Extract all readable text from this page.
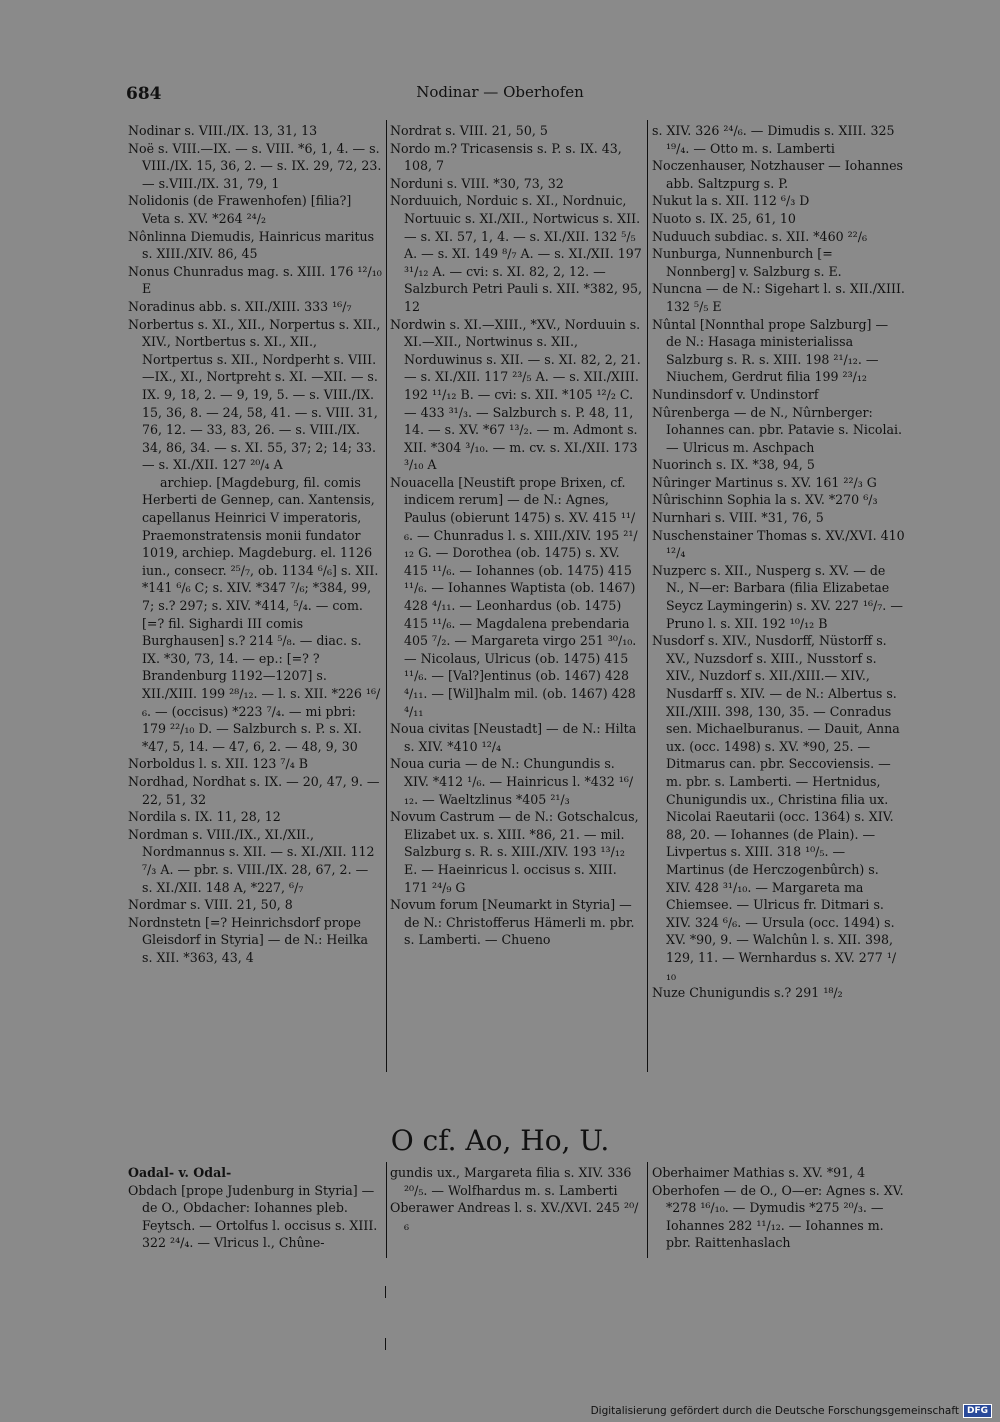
684	Nodinar — Oberhofen

Nodinar s. VIII./IX. 13, 31, 13

Noë s. VIII.—IX. — s. VIII. *6, 1, 4. — s. VIII./IX. 15, 36, 2. — s. IX. 29, 72, 23. — s.VIII./IX. 31, 79, 1

Nolidonis (de Frawenhofen) [filia?] Veta s. XV. *264 ²⁴/₂

Nônlinna Diemudis, Hainricus maritus s. XIII./XIV. 86, 45

Nonus Chunradus mag. s. XIII. 176 ¹²/₁₀ E

Noradinus abb. s. XII./XIII. 333 ¹⁶/₇

Norbertus s. XI., XII., Norpertus s. XII., XIV., Nortbertus s. XI., XII., Nortpertus s. XII., Nordperht s. VIII.—IX., XI., Nortpreht s. XI. —XII. — s. IX. 9, 18, 2. — 9, 19, 5. — s. VIII./IX. 15, 36, 8. — 24, 58, 41. — s. VIII. 31, 76, 12. — 33, 83, 26. — s. VIII./IX. 34, 86, 34. — s. XI. 55, 37; 2; 14; 33. — s. XI./XII. 127 ²⁰/₄ A

archiep. [Magdeburg, fil. comis Herberti de Gennep, can. Xantensis, capellanus Heinrici V imperatoris, Praemonstratensis monii fundator 1019, archiep. Magdeburg. el. 1126 iun., consecr. ²⁵/₇, ob. 1134 ⁶/₆] s. XII. *141 ⁶/₆ C; s. XIV. *347 ⁷/₆; *384, 99, 7; s.? 297; s. XIV. *414, ⁵/₄. — com. [=? fil. Sighardi III comis Burghausen] s.? 214 ⁵/₈. — diac. s. IX. *30, 73, 14. — ep.: [=? ? Brandenburg 1192—1207] s. XII./XIII. 199 ²⁸/₁₂. — l. s. XII. *226 ¹⁶/₆. — (occisus) *223 ⁷/₄. — mi pbri: 179 ²²/₁₀ D. — Salzburch s. P. s. XI. *47, 5, 14. — 47, 6, 2. — 48, 9, 30

Norboldus l. s. XII. 123 ⁷/₄ B

Nordhad, Nordhat s. IX. — 20, 47, 9. — 22, 51, 32

Nordila s. IX. 11, 28, 12

Nordman s. VIII./IX., XI./XII., Nordmannus s. XII. — s. XI./XII. 112 ⁷/₃ A. — pbr. s. VIII./IX. 28, 67, 2. — s. XI./XII. 148 A, *227, ⁶/₇

Nordmar s. VIII. 21, 50, 8

Nordnstetn [=? Heinrichsdorf prope Gleisdorf in Styria] — de N.: Heilka s. XII. *363, 43, 4

Nordrat s. VIII. 21, 50, 5

Nordo m.? Tricasensis s. P. s. IX. 43, 108, 7

Norduni s. VIII. *30, 73, 32

Norduuich, Norduic s. XI., Nordnuic, Nortuuic s. XI./XII., Nortwicus s. XII. — s. XI. 57, 1, 4. — s. XI./XII. 132 ⁵/₅ A. — s. XI. 149 ⁸/₇ A. — s. XI./XII. 197 ³¹/₁₂ A. — cvi: s. XI. 82, 2, 12. — Salzburch Petri Pauli s. XII. *382, 95, 12

Nordwin s. XI.—XIII., *XV., Norduuin s. XI.—XII., Nortwinus s. XII., Norduwinus s. XII. — s. XI. 82, 2, 21. — s. XI./XII. 117 ²³/₅ A. — s. XII./XIII. 192 ¹¹/₁₂ B. — cvi: s. XII. *105 ¹²/₂ C. — 433 ³¹/₃. — Salzburch s. P. 48, 11, 14. — s. XV. *67 ¹³/₂. — m. Admont s. XII. *304 ³/₁₀. — m. cv. s. XI./XII. 173 ³/₁₀ A

Nouacella [Neustift prope Brixen, cf. indicem rerum] — de N.: Agnes, Paulus (obierunt 1475) s. XV. 415 ¹¹/₆. — Chunradus l. s. XIII./XIV. 195 ²¹/₁₂ G. — Dorothea (ob. 1475) s. XV. 415 ¹¹/₆. — Iohannes (ob. 1475) 415 ¹¹/₆. — Iohannes Waptista (ob. 1467) 428 ⁴/₁₁. — Leonhardus (ob. 1475) 415 ¹¹/₆. — Magdalena prebendaria 405 ⁷/₂. — Margareta virgo 251 ³⁰/₁₀. — Nicolaus, Ulricus (ob. 1475) 415 ¹¹/₆. — [Val?]entinus (ob. 1467) 428 ⁴/₁₁. — [Wil]halm mil. (ob. 1467) 428 ⁴/₁₁

Noua civitas [Neustadt] — de N.: Hilta s. XIV. *410 ¹²/₄

Noua curia — de N.: Chungundis s. XIV. *412 ¹/₆. — Hainricus l. *432 ¹⁶/₁₂. — Waeltzlinus *405 ²¹/₃

Novum Castrum — de N.: Gotschalcus, Elizabet ux. s. XIII. *86, 21. — mil. Salzburg s. R. s. XIII./XIV. 193 ¹³/₁₂ E. — Haeinricus l. occisus s. XIII. 171 ²⁴/₉ G

Novum forum [Neumarkt in Styria] — de N.: Christofferus Hämerli m. pbr. s. Lamberti. — Chueno

s. XIV. 326 ²⁴/₆. — Dimudis s. XIII. 325 ¹⁹/₄. — Otto m. s. Lamberti

Noczenhauser, Notzhauser — Iohannes abb. Saltzpurg s. P.

Nukut la s. XII. 112 ⁶/₃ D

Nuoto s. IX. 25, 61, 10

Nuduuch subdiac. s. XII. *460 ²²/₆

Nunburga, Nunnenburch [= Nonnberg] v. Salzburg s. E.

Nuncna — de N.: Sigehart l. s. XII./XIII. 132 ⁵/₅ E

Nûntal [Nonnthal prope Salzburg] — de N.: Hasaga ministerialissa Salzburg s. R. s. XIII. 198 ²¹/₁₂. — Niuchem, Gerdrut filia 199 ²³/₁₂

Nundinsdorf v. Undinstorf

Nûrenberga — de N., Nûrnberger: Iohannes can. pbr. Patavie s. Nicolai. — Ulricus m. Aschpach

Nuorinch s. IX. *38, 94, 5

Nûringer Martinus s. XV. 161 ²²/₃ G

Nûrischinn Sophia la s. XV. *270 ⁶/₃

Nurnhari s. VIII. *31, 76, 5

Nuschenstainer Thomas s. XV./XVI. 410 ¹²/₄

Nuzperc s. XII., Nusperg s. XV. — de N., N—er: Barbara (filia Elizabetae Seycz Laymingerin) s. XV. 227 ¹⁶/₇. — Pruno l. s. XII. 192 ¹⁰/₁₂ B

Nusdorf s. XIV., Nusdorff, Nüstorff s. XV., Nuzsdorf s. XIII., Nusstorf s. XIV., Nuzdorf s. XII./XIII.— XIV., Nusdarff s. XIV. — de N.: Albertus s. XII./XIII. 398, 130, 35. — Conradus sen. Michaelburanus. — Dauit, Anna ux. (occ. 1498) s. XV. *90, 25. — Ditmarus can. pbr. Seccoviensis. — m. pbr. s. Lamberti. — Hertnidus, Chunigundis ux., Christina filia ux. Nicolai Raeutarii (occ. 1364) s. XIV. 88, 20. — Iohannes (de Plain). — Livpertus s. XIII. 318 ¹⁰/₅. — Martinus (de Herczogenbûrch) s. XIV. 428 ³¹/₁₀. — Margareta ma Chiemsee. — Ulricus fr. Ditmari s. XIV. 324 ⁶/₆. — Ursula (occ. 1494) s. XV. *90, 9. — Walchûn l. s. XII. 398, 129, 11. — Wernhardus s. XV. 277 ¹/₁₀

Nuze Chunigundis s.? 291 ¹⁸/₂

O cf. Ao, Ho, U.

Oadal- v. Odal-

Obdach [prope Judenburg in Styria] — de O., Obdacher: Iohannes pleb. Feytsch. — Ortolfus l. occisus s. XIII. 322 ²⁴/₄. — Vlricus l., Chûne-

gundis ux., Margareta filia s. XIV. 336 ²⁰/₅. — Wolfhardus m. s. Lamberti

Oberawer Andreas l. s. XV./XVI. 245 ²⁰/₆

Oberhaimer Mathias s. XV. *91, 4

Oberhofen — de O., O—er: Agnes s. XV. *278 ¹⁶/₁₀. — Dymudis *275 ²⁰/₃. — Iohannes 282 ¹¹/₁₂. — Iohannes m. pbr. Raittenhaslach

Digitalisierung gefördert durch die Deutsche Forschungsgemeinschaft DFG
